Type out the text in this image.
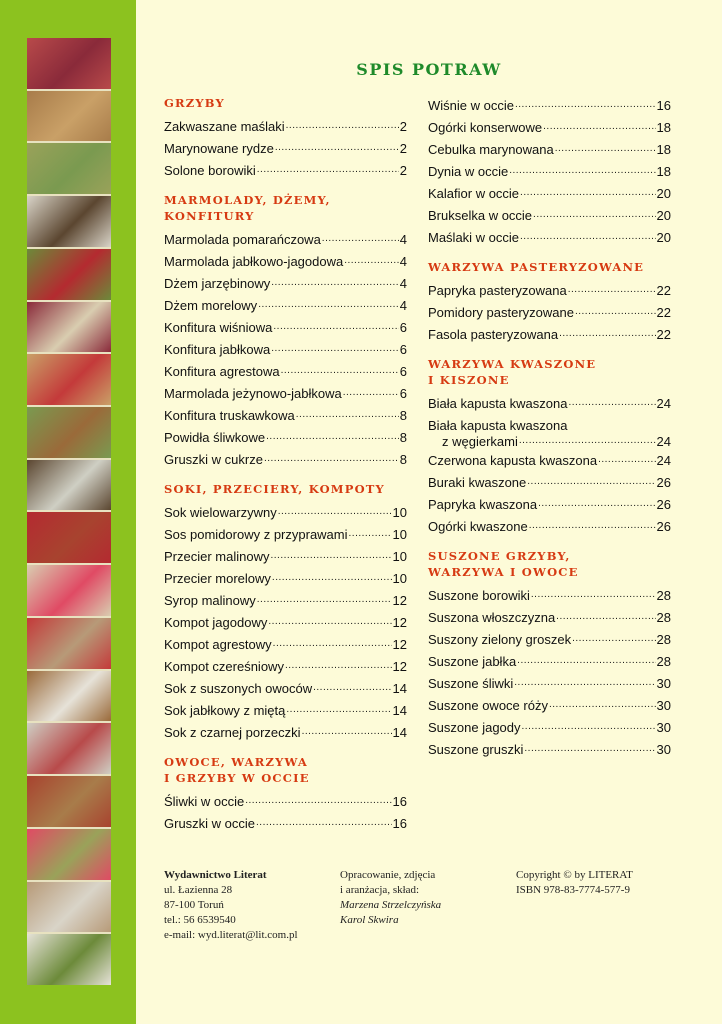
SPIS POTRAW
GRZYBY
Zakwaszane maślaki .....	2
Marynowane rydze .....	2
Solone borowiki .....	2
MARMOLADY, DŻEMY,
KONFITURY
Marmolada pomarańczowa .....	4
Marmolada jabłkowo-jagodowa .....	4
Dżem jarzębinowy .....	4
Dżem morelowy .....	4
Konfitura wiśniowa .....	6
Konfitura jabłkowa .....	6
Konfitura agrestowa .....	6
Marmolada jeżynowo-jabłkowa .....	6
Konfitura truskawkowa .....	8
Powidła śliwkowe .....	8
Gruszki w cukrze .....	8
SOKI, PRZECIERY, KOMPOTY
Sok wielowarzywny .....	10
Sos pomidorowy z przyprawami .....	10
Przecier malinowy .....	10
Przecier morelowy .....	10
Syrop malinowy .....	12
Kompot jagodowy .....	12
Kompot agrestowy .....	12
Kompot czereśniowy .....	12
Sok z suszonych owoców .....	14
Sok jabłkowy z miętą .....	14
Sok z czarnej porzeczki .....	14
OWOCE, WARZYWA
I GRZYBY W OCCIE
Śliwki w occie .....	16
Gruszki w occie .....	16
Wiśnie w occie .....	16
Ogórki konserwowe .....	18
Cebulka marynowana .....	18
Dynia w occie .....	18
Kalafior w occie .....	20
Brukselka w occie .....	20
Maślaki w occie .....	20
WARZYWA PASTERYZOWANE
Papryka pasteryzowana .....	22
Pomidory pasteryzowane .....	22
Fasola pasteryzowana .....	22
WARZYWA KWASZONE
I KISZONE
Biała kapusta kwaszona .....	24
Biała kapusta kwaszona
z węgierkami .....	24
Czerwona kapusta kwaszona .....	24
Buraki kwaszone .....	26
Papryka kwaszona .....	26
Ogórki kwaszone .....	26
SUSZONE GRZYBY,
WARZYWA I OWOCE
Suszone borowiki .....	28
Suszona włoszczyzna .....	28
Suszony zielony groszek .....	28
Suszone jabłka .....	28
Suszone śliwki .....	30
Suszone owoce róży .....	30
Suszone jagody .....	30
Suszone gruszki .....	30
Wydawnictwo Literat
ul. Łazienna 28
87-100 Toruń
tel.: 56 6539540
e-mail: wyd.literat@lit.com.pl
Opracowanie, zdjęcia
i aranżacja, skład:
Marzena Strzelczyńska
Karol Skwira
Copyright © by LITERAT
ISBN 978-83-7774-577-9
